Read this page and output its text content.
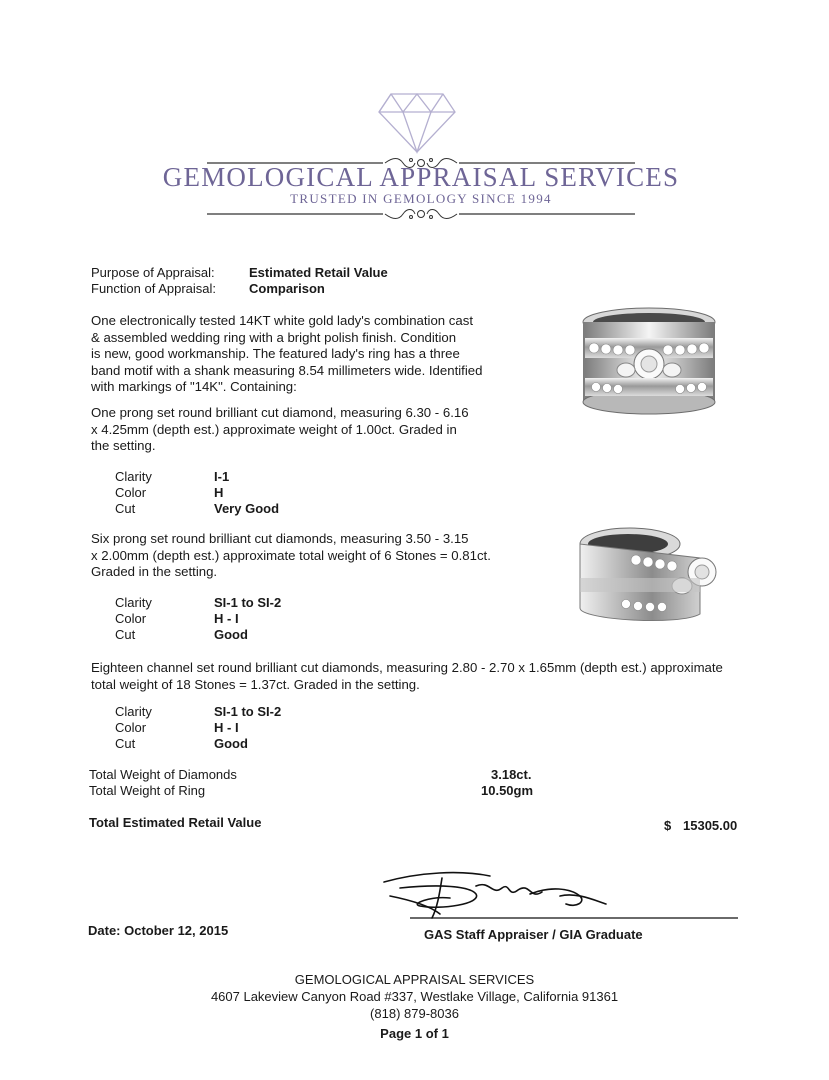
GEMOLOGICAL APPRAISAL SERVICES
TRUSTED IN GEMOLOGY SINCE 1994
Purpose of Appraisal:	Estimated Retail Value
Function of Appraisal:	Comparison
One electronically tested 14KT white gold lady's combination cast
& assembled wedding ring with a bright polish finish. Condition
is new, good workmanship. The featured lady's ring has a three
band motif with a shank measuring 8.54 millimeters wide. Identified
with markings of "14K". Containing:
One prong set round brilliant cut diamond, measuring 6.30 - 6.16
x 4.25mm (depth est.) approximate weight of 1.00ct. Graded in
the setting.
Clarity	I-1
Color	H
Cut	Very Good
Six prong set round brilliant cut diamonds, measuring 3.50 - 3.15
x 2.00mm (depth est.) approximate total weight of 6 Stones = 0.81ct.
Graded in the setting.
Clarity	SI-1 to SI-2
Color	H - I
Cut	Good
Eighteen channel set round brilliant cut diamonds, measuring 2.80 - 2.70 x 1.65mm (depth est.) approximate
total weight of 18 Stones = 1.37ct. Graded in the setting.
Clarity	SI-1 to SI-2
Color	H - I
Cut	Good
Total Weight of Diamonds	3.18ct.
Total Weight of Ring	10.50gm
Total Estimated Retail Value	$ 15305.00
Date: October 12, 2015	GAS Staff Appraiser / GIA Graduate
GEMOLOGICAL APPRAISAL SERVICES
4607 Lakeview Canyon Road #337, Westlake Village, California 91361
(818) 879-8036
Page 1 of 1
